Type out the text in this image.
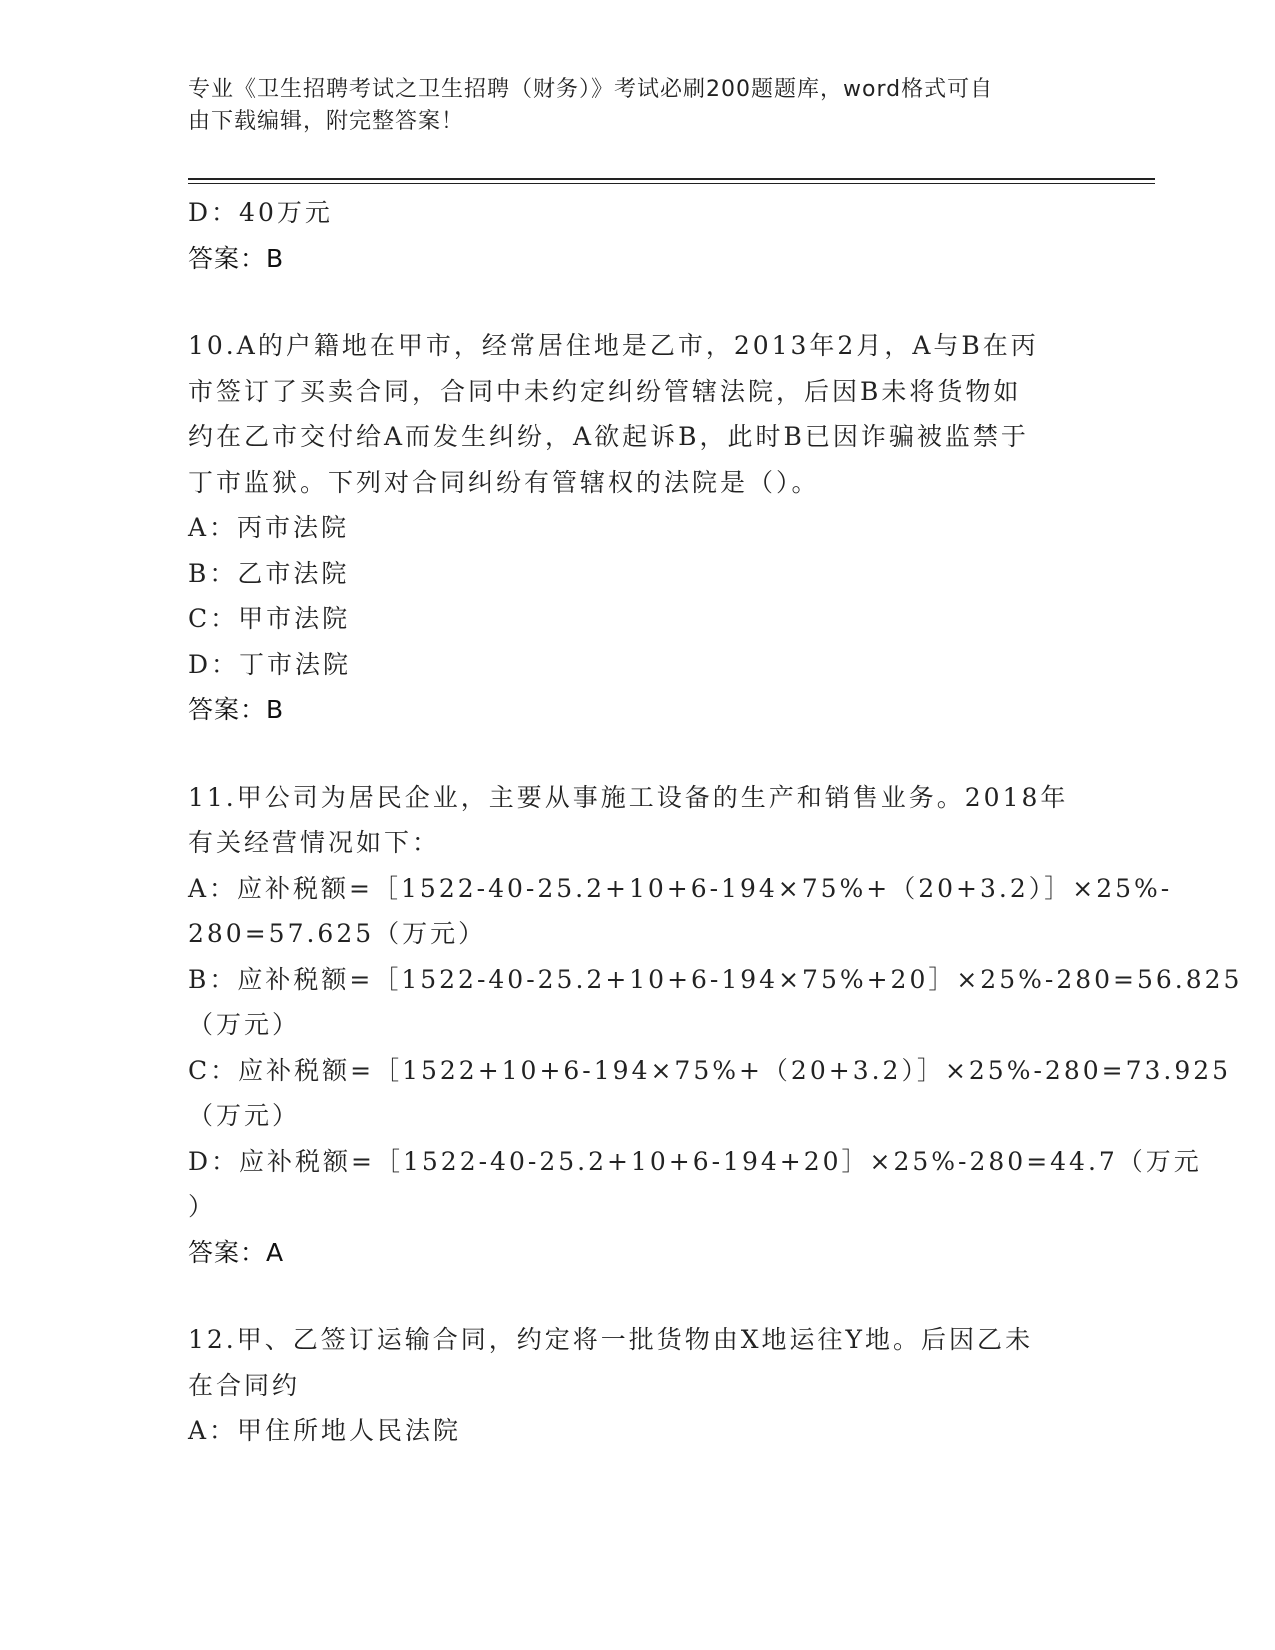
专业《卫生招聘考试之卫生招聘（财务）》考试必刷200题题库，word格式可自
由下载编辑，附完整答案！
D：40万元
答案：B
10.A的户籍地在甲市，经常居住地是乙市，2013年2月，A与B在丙
市签订了买卖合同，合同中未约定纠纷管辖法院，后因B未将货物如
约在乙市交付给A而发生纠纷，A欲起诉B，此时B已因诈骗被监禁于
丁市监狱。下列对合同纠纷有管辖权的法院是（）。
A：丙市法院
B：乙市法院
C：甲市法院
D：丁市法院
答案：B
11.甲公司为居民企业，主要从事施工设备的生产和销售业务。2018年
有关经营情况如下：
A：应补税额=［1522-40-25.2+10+6-194×75%+（20+3.2）］×25%-
280=57.625（万元）
B：应补税额=［1522-40-25.2+10+6-194×75%+20］×25%-280=56.825
（万元）
C：应补税额=［1522+10+6-194×75%+（20+3.2）］×25%-280=73.925
（万元）
D：应补税额=［1522-40-25.2+10+6-194+20］×25%-280=44.7（万元
）
答案：A
12.甲、乙签订运输合同，约定将一批货物由X地运往Y地。后因乙未
在合同约
A：甲住所地人民法院
